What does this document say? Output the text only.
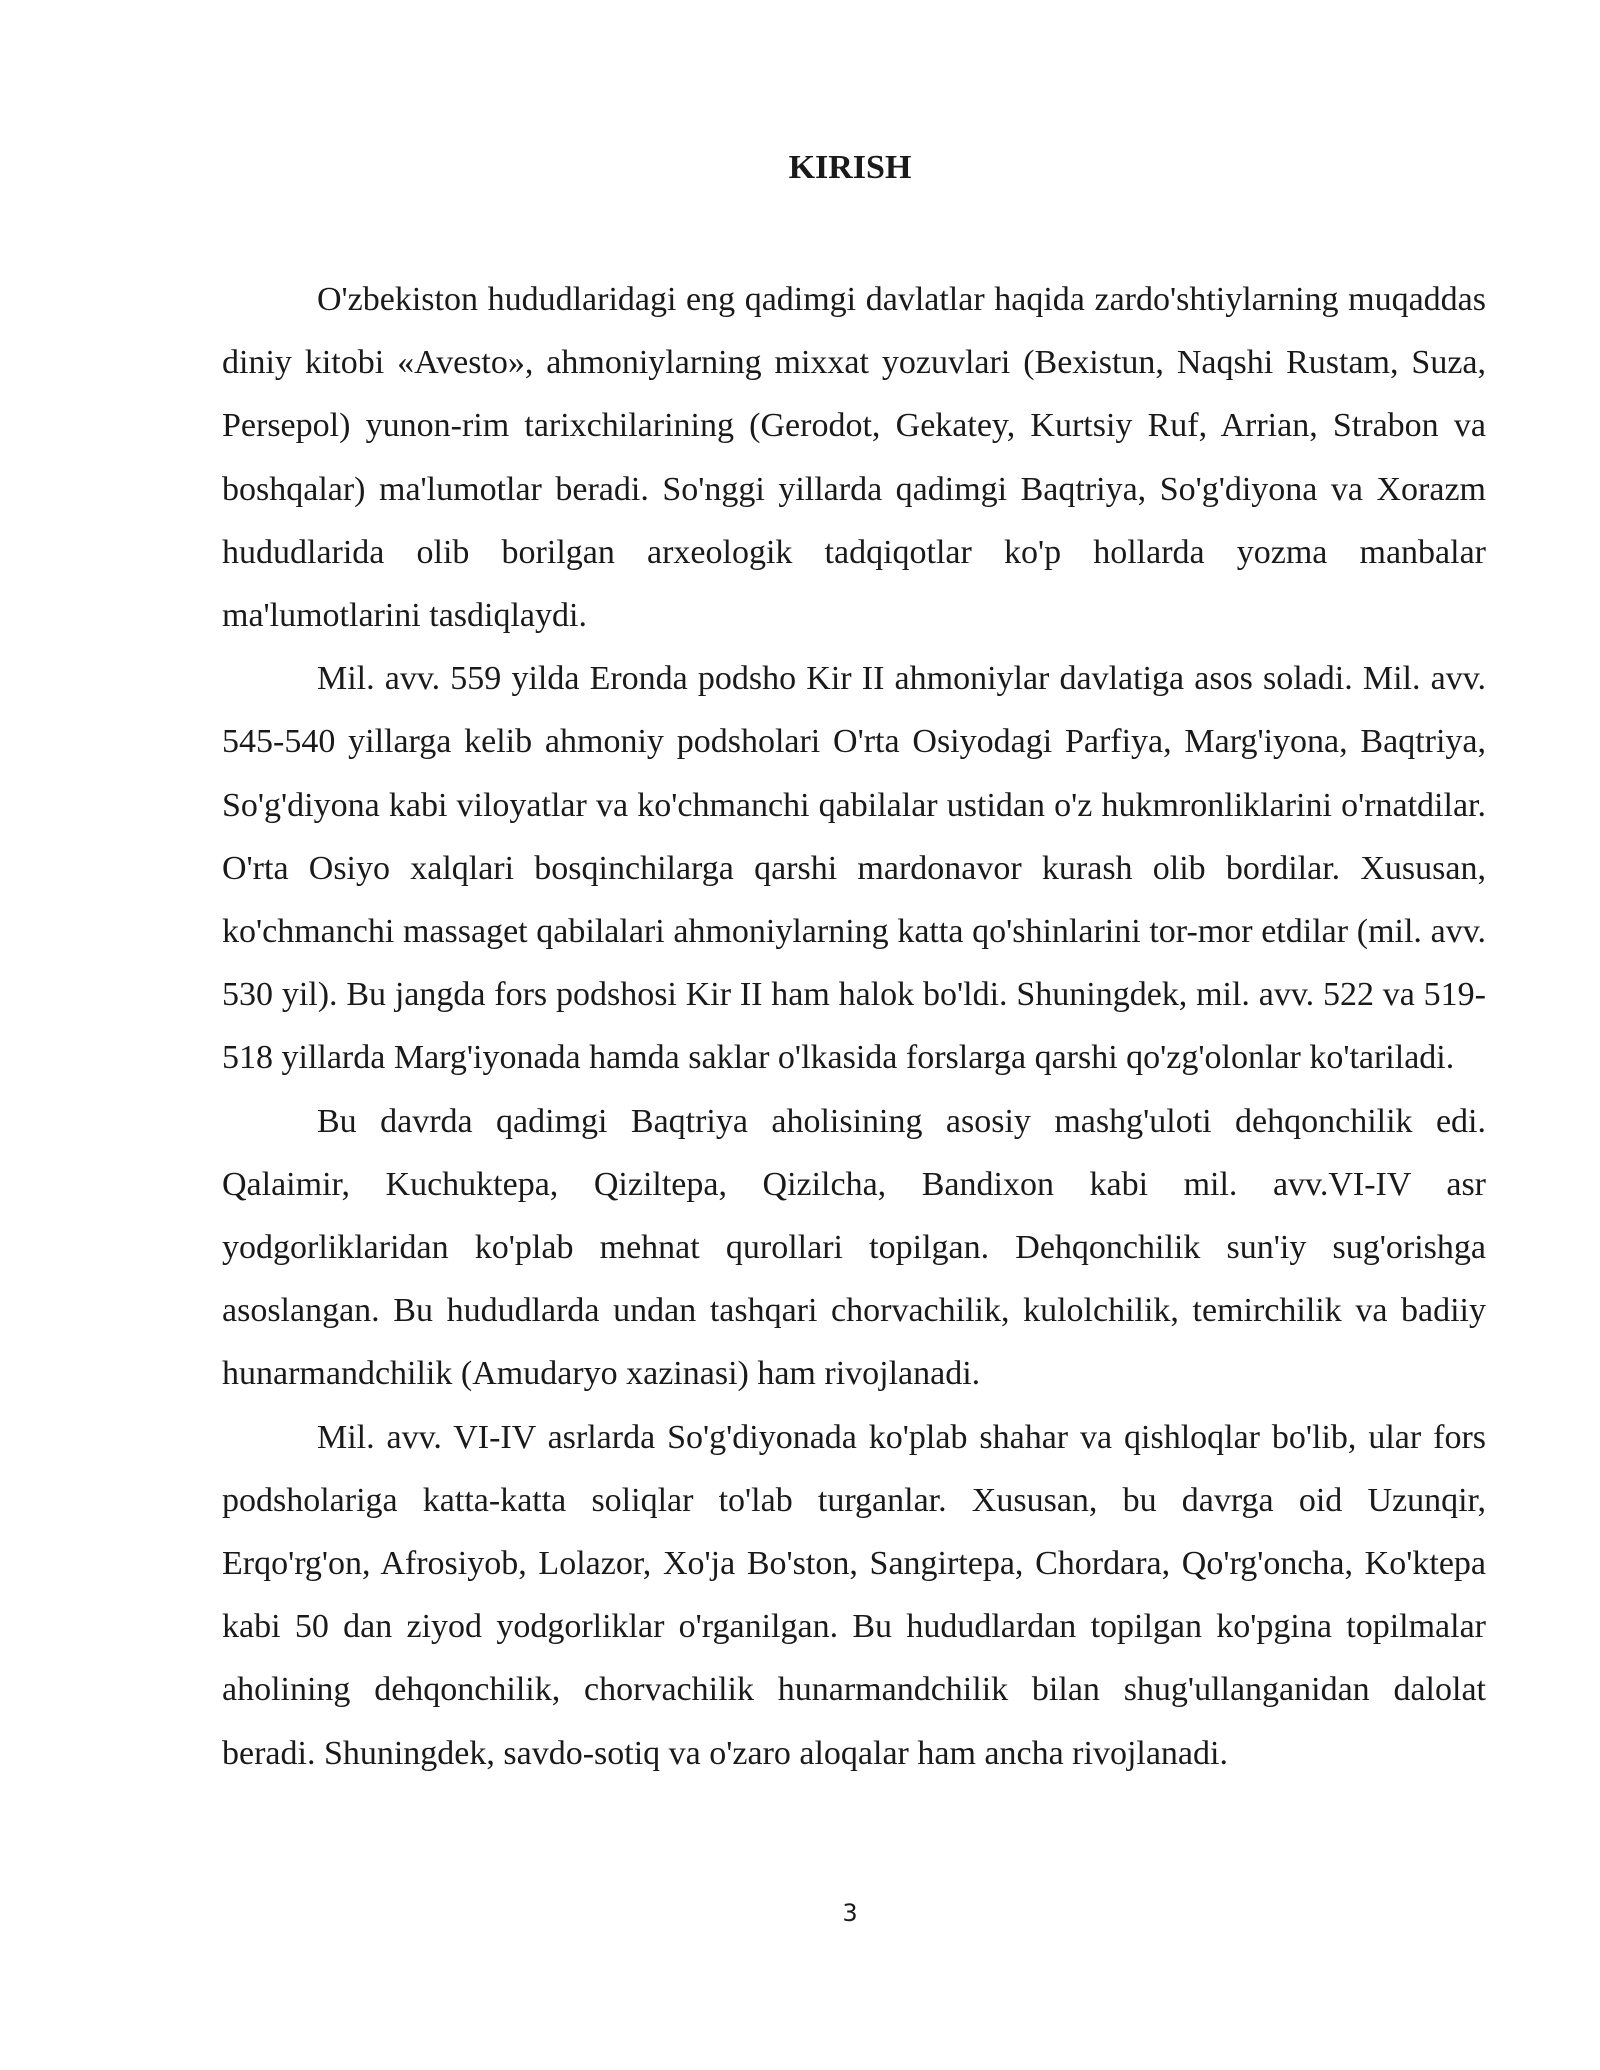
KIRISH

O'zbekiston hududlaridagi eng qadimgi davlatlar haqida zardo'shtiylarning muqaddas diniy kitobi «Avesto», ahmoniylarning mixxat yozuvlari (Bexistun, Naqshi Rustam, Suza, Persepol) yunon-rim tarixchilarining (Gerodot, Gekatey, Kurtsiy Ruf, Arrian, Strabon va boshqalar) ma'lumotlar beradi. So'nggi yillarda qadimgi Baqtriya, So'g'diyona va Xorazm hududlarida olib borilgan arxeologik tadqiqotlar ko'p hollarda yozma manbalar ma'lumotlarini tasdiqlaydi.

Mil. avv. 559 yilda Eronda podsho Kir II ahmoniylar davlatiga asos soladi. Mil. avv. 545-540 yillarga kelib ahmoniy podsholari O'rta Osiyodagi Parfiya, Marg'iyona, Baqtriya, So'g'diyona kabi viloyatlar va ko'chmanchi qabilalar ustidan o'z hukmronliklarini o'rnatdilar. O'rta Osiyo xalqlari bosqinchilarga qarshi mardonavor kurash olib bordilar. Xususan, ko'chmanchi massaget qabilalari ahmoniylarning katta qo'shinlarini tor-mor etdilar (mil. avv. 530 yil). Bu jangda fors podshosi Kir II ham halok bo'ldi. Shuningdek, mil. avv. 522 va 519-518 yillarda Marg'iyonada hamda saklar o'lkasida forslarga qarshi qo'zg'olonlar ko'tariladi.

Bu davrda qadimgi Baqtriya aholisining asosiy mashg'uloti dehqonchilik edi. Qalaimir, Kuchuktepa, Qiziltepa, Qizilcha, Bandixon kabi mil. avv.VI-IV asr yodgorliklaridan ko'plab mehnat qurollari topilgan. Dehqonchilik sun'iy sug'orishga asoslangan. Bu hududlarda undan tashqari chorvachilik, kulolchilik, temirchilik va badiiy hunarmandchilik (Amudaryo xazinasi) ham rivojlanadi.

Mil. avv. VI-IV asrlarda So'g'diyonada ko'plab shahar va qishloqlar bo'lib, ular fors podsholariga katta-katta soliqlar to'lab turganlar. Xususan, bu davrga oid Uzunqir, Erqo'rg'on, Afrosiyob, Lolazor, Xo'ja Bo'ston, Sangirtepa, Chordara, Qo'rg'oncha, Ko'ktepa kabi 50 dan ziyod yodgorliklar o'rganilgan. Bu hududlardan topilgan ko'pgina topilmalar aholining dehqonchilik, chorvachilik hunarmandchilik bilan shug'ullanganidan dalolat beradi. Shuningdek, savdo-sotiq va o'zaro aloqalar ham ancha rivojlanadi.

3
